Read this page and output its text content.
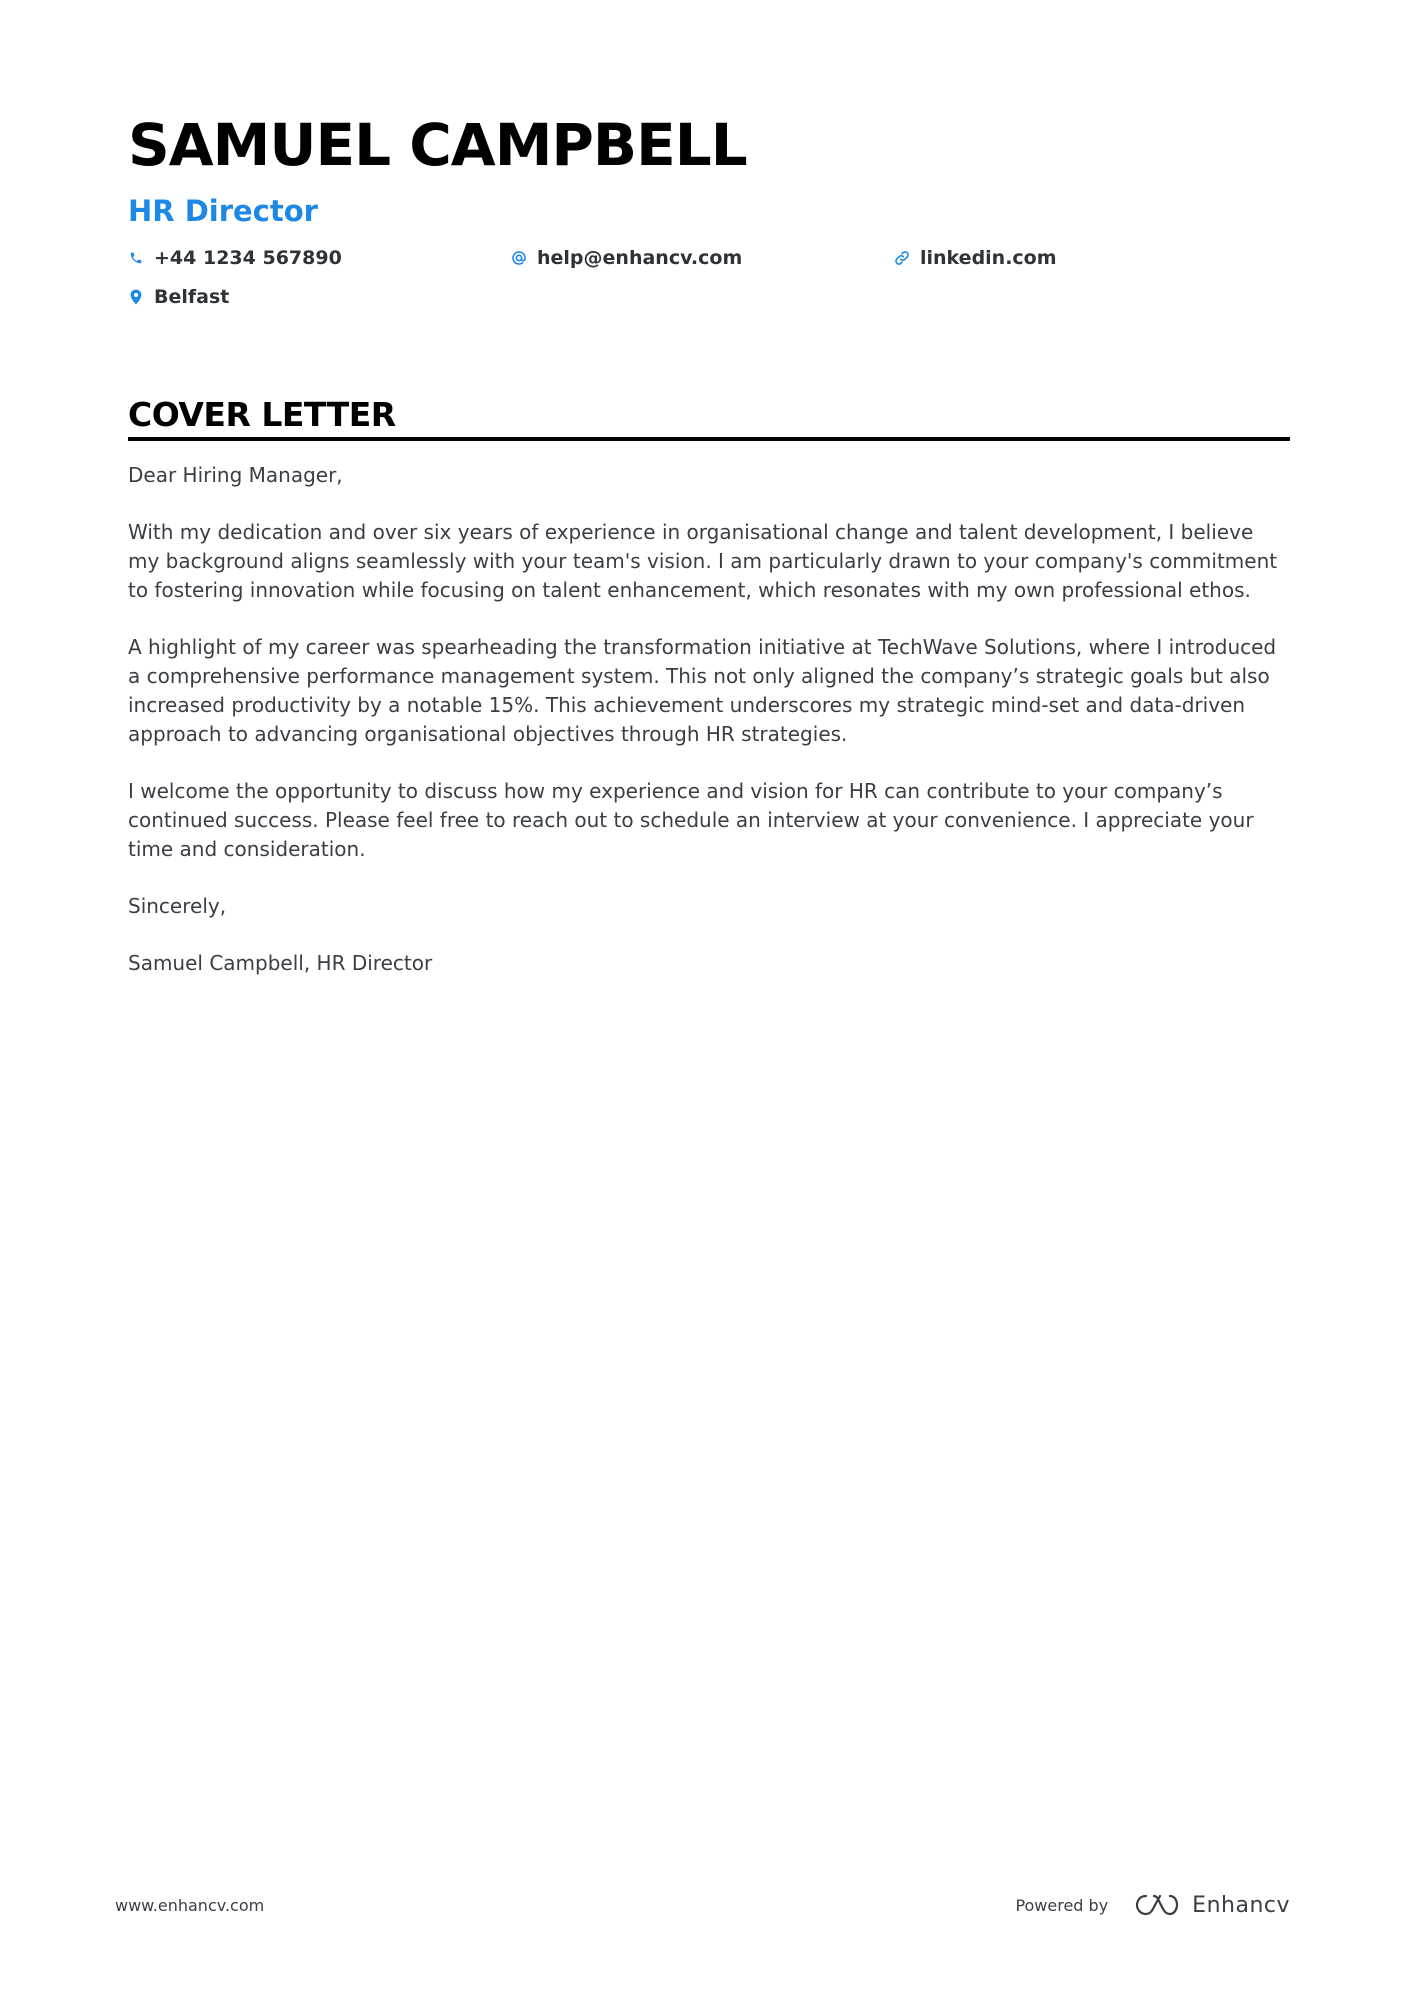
SAMUEL CAMPBELL
HR Director
+44 1234 567890	help@enhancv.com	linkedin.com
Belfast
COVER LETTER

Dear Hiring Manager,

With my dedication and over six years of experience in organisational change and talent development, I believe my background aligns seamlessly with your team's vision. I am particularly drawn to your company's commitment to fostering innovation while focusing on talent enhancement, which resonates with my own professional ethos.

A highlight of my career was spearheading the transformation initiative at TechWave Solutions, where I introduced a comprehensive performance management system. This not only aligned the company’s strategic goals but also increased productivity by a notable 15%. This achievement underscores my strategic mind-set and data-driven approach to advancing organisational objectives through HR strategies.

I welcome the opportunity to discuss how my experience and vision for HR can contribute to your company’s continued success. Please feel free to reach out to schedule an interview at your convenience. I appreciate your time and consideration.

Sincerely,

Samuel Campbell, HR Director

www.enhancv.com	Powered by	Enhancv
